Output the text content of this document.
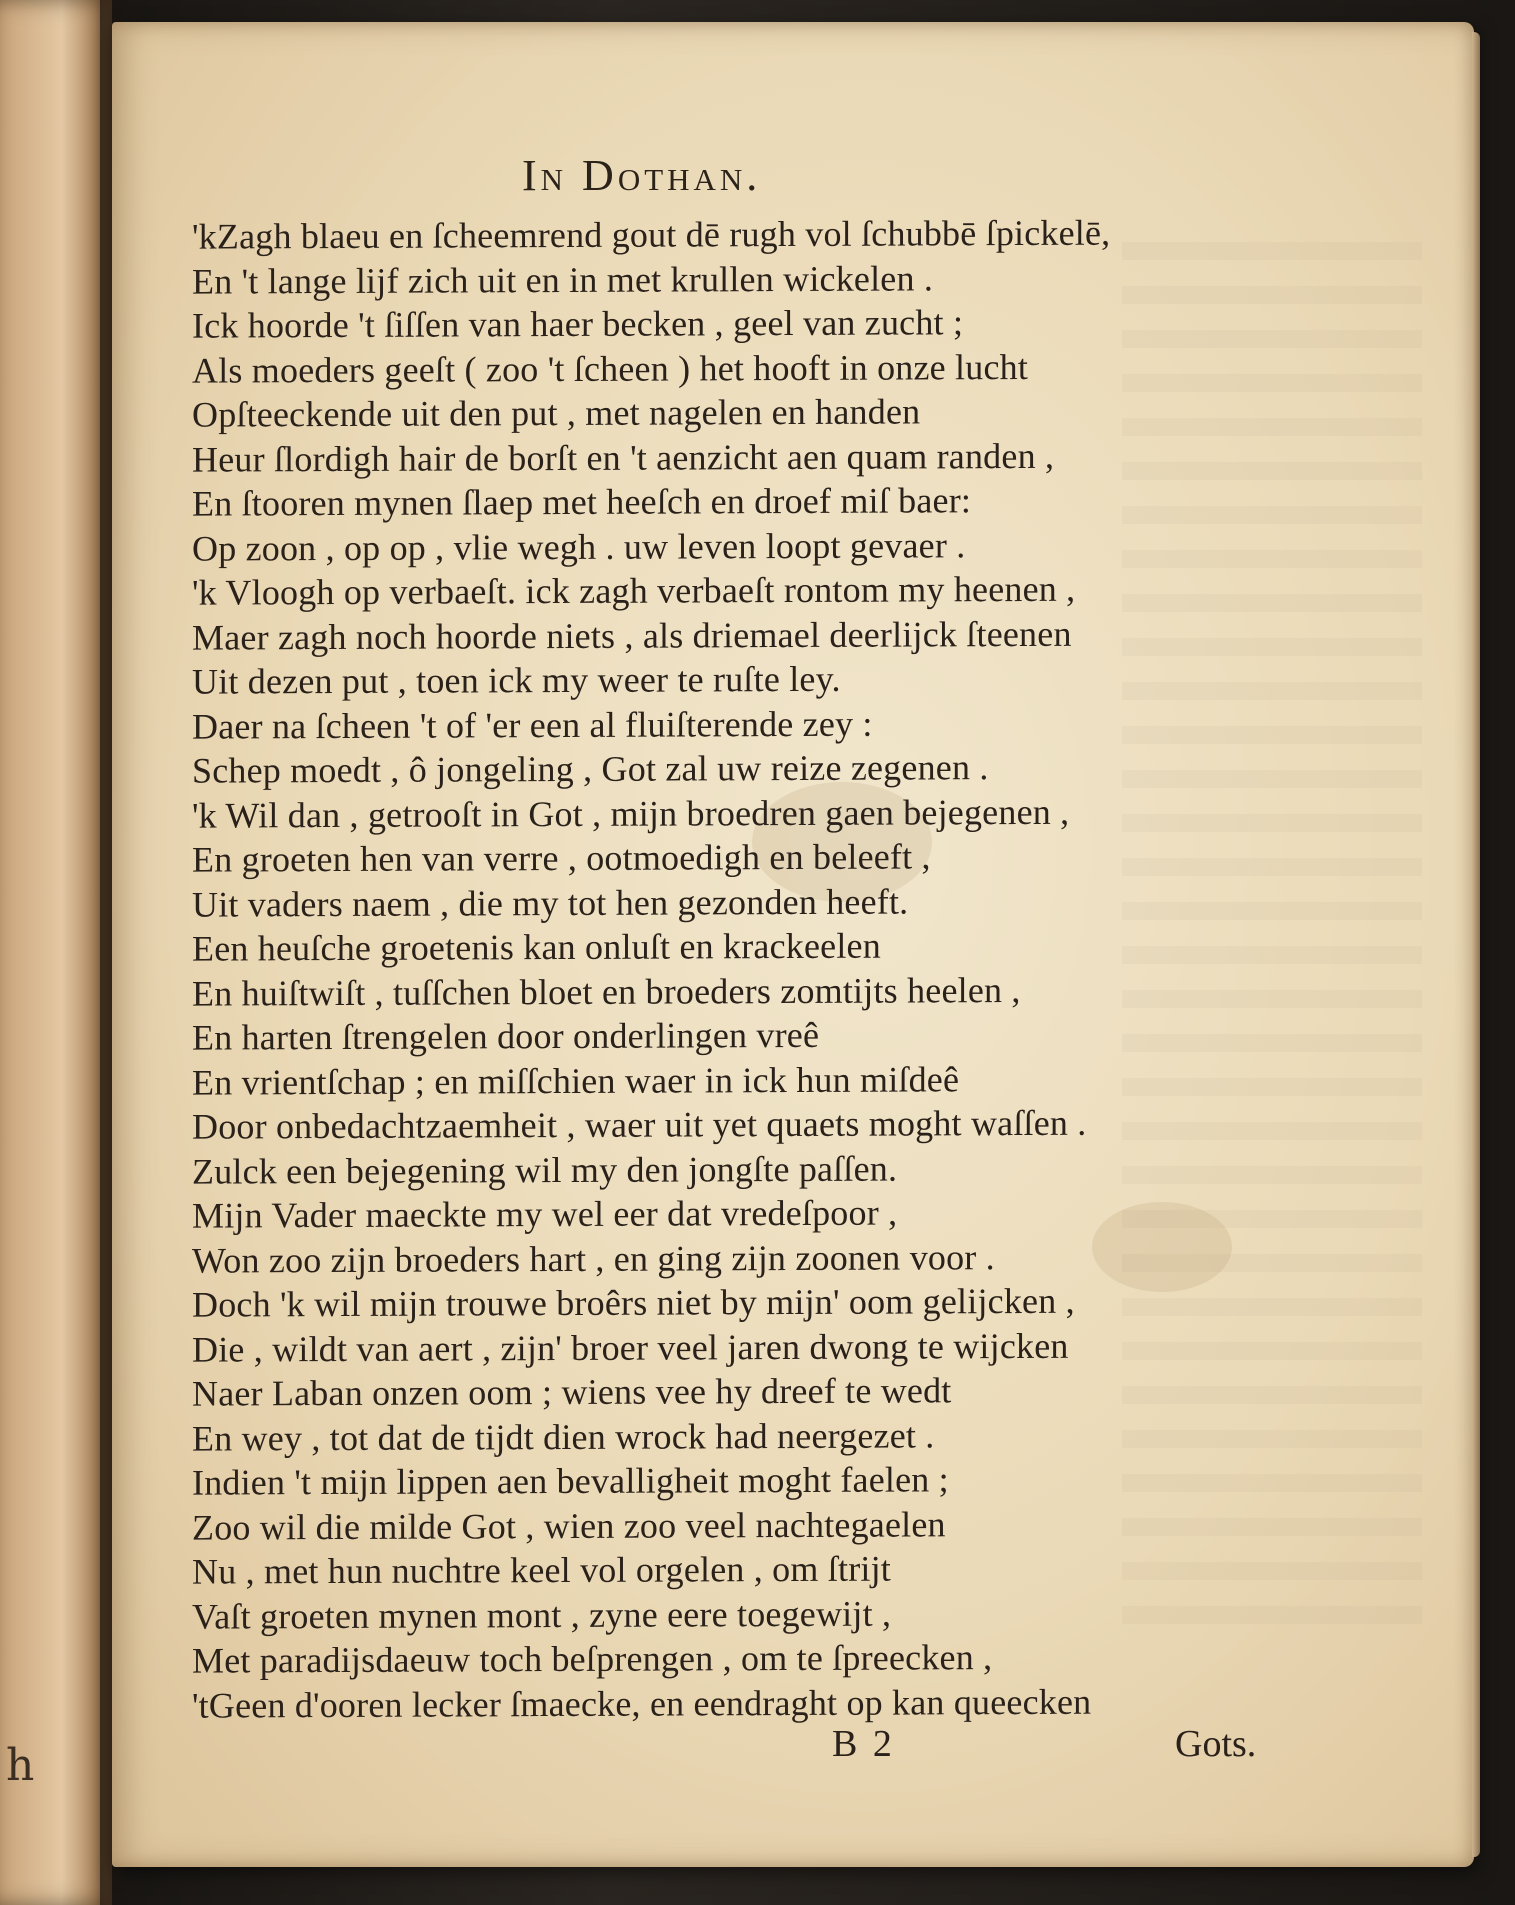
h
In Dothan.
'kZagh blaeu en ſcheemrend gout dē rugh vol ſchubbē ſpickelē,
En 't lange lijf zich uit en in met krullen wickelen .
Ick hoorde 't ſiſſen van haer becken , geel van zucht ;
Als moeders geeſt ( zoo 't ſcheen ) het hooft in onze lucht
Opſteeckende uit den put , met nagelen en handen
Heur ſlordigh hair de borſt en 't aenzicht aen quam randen ,
En ſtooren mynen ſlaep met heeſch en droef miſ baer:
Op zoon , op op , vlie wegh . uw leven loopt gevaer .
'k Vloogh op verbaeſt. ick zagh verbaeſt rontom my heenen ,
Maer zagh noch hoorde niets , als driemael deerlijck ſteenen
Uit dezen put , toen ick my weer te ruſte ley.
Daer na ſcheen 't of 'er een al fluiſterende zey :
Schep moedt , ô jongeling , Got zal uw reize zegenen .
'k Wil dan , getrooſt in Got , mijn broedren gaen bejegenen ,
En groeten hen van verre , ootmoedigh en beleeft ,
Uit vaders naem , die my tot hen gezonden heeft.
Een heuſche groetenis kan onluſt en krackeelen
En huiſtwiſt , tuſſchen bloet en broeders zomtijts heelen ,
En harten ſtrengelen door onderlingen vreê
En vrientſchap ; en miſſchien waer in ick hun miſdeê
Door onbedachtzaemheit , waer uit yet quaets moght waſſen .
Zulck een bejegening wil my den jongſte paſſen.
Mijn Vader maeckte my wel eer dat vredeſpoor ,
Won zoo zijn broeders hart , en ging zijn zoonen voor .
Doch 'k wil mijn trouwe broêrs niet by mijn' oom gelijcken ,
Die , wildt van aert , zijn' broer veel jaren dwong te wijcken
Naer Laban onzen oom ; wiens vee hy dreef te wedt
En wey , tot dat de tijdt dien wrock had neergezet .
Indien 't mijn lippen aen bevalligheit moght faelen ;
Zoo wil die milde Got , wien zoo veel nachtegaelen
Nu , met hun nuchtre keel vol orgelen , om ſtrijt
Vaſt groeten mynen mont , zyne eere toegewijt ,
Met paradijsdaeuw toch beſprengen , om te ſpreecken ,
'tGeen d'ooren lecker ſmaecke, en eendraght op kan queecken
B 2	Gots.
